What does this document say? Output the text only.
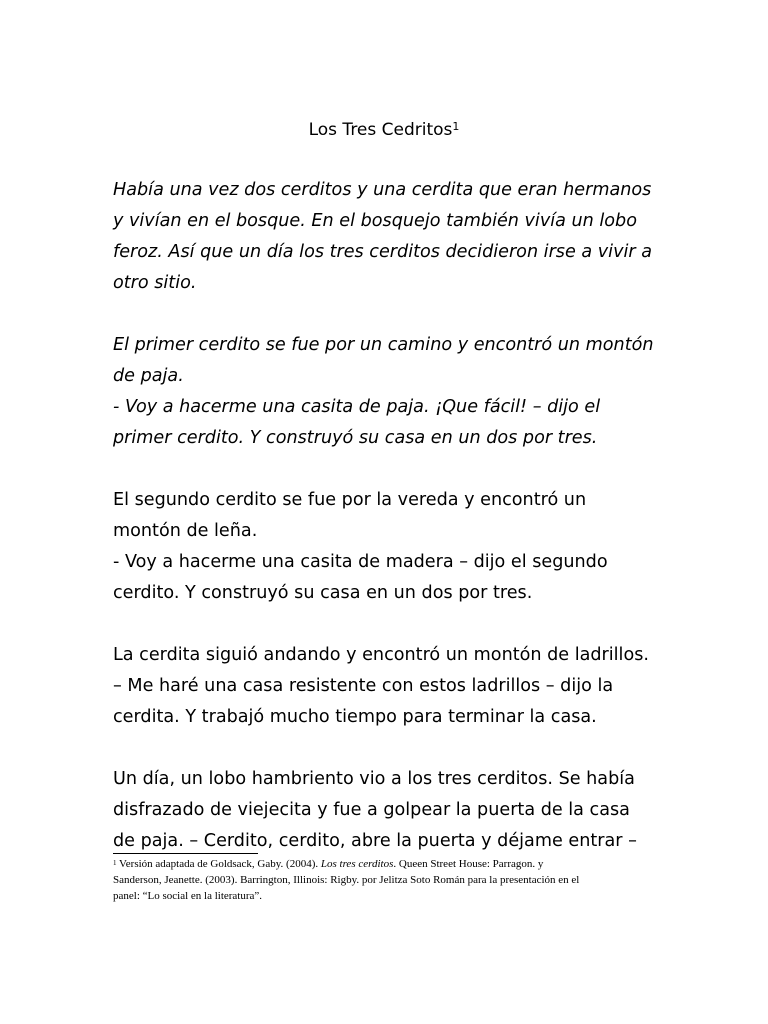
Los Tres Cedritos$^1$
Había una vez dos cerditos y una cerdita que eran hermanos
y vivían en el bosque. En el bosquejo también vivía un lobo
feroz. Así que un día los tres cerditos decidieron irse a vivir a
otro sitio.
El primer cerdito se fue por un camino y encontró un montón
de paja.
- Voy a hacerme una casita de paja. ¡Que fácil! – dijo el
primer cerdito. Y construyó su casa en un dos por tres.
El segundo cerdito se fue por la vereda y encontró un
montón de leña.
- Voy a hacerme una casita de madera – dijo el segundo
cerdito. Y construyó su casa en un dos por tres.
La cerdita siguió andando y encontró un montón de ladrillos.
– Me haré una casa resistente con estos ladrillos – dijo la
cerdita. Y trabajó mucho tiempo para terminar la casa.
Un día, un lobo hambriento vio a los tres cerditos. Se había
disfrazado de viejecita y fue a golpear la puerta de la casa
de paja. – Cerdito, cerdito, abre la puerta y déjame entrar –
$^1$ Versión adaptada de Goldsack, Gaby. (2004). Los tres cerditos. Queen Street House: Parragon. y
Sanderson, Jeanette. (2003). Barrington, Illinois: Rigby. por Jelitza Soto Román para la presentación en el
panel: “Lo social en la literatura”.
